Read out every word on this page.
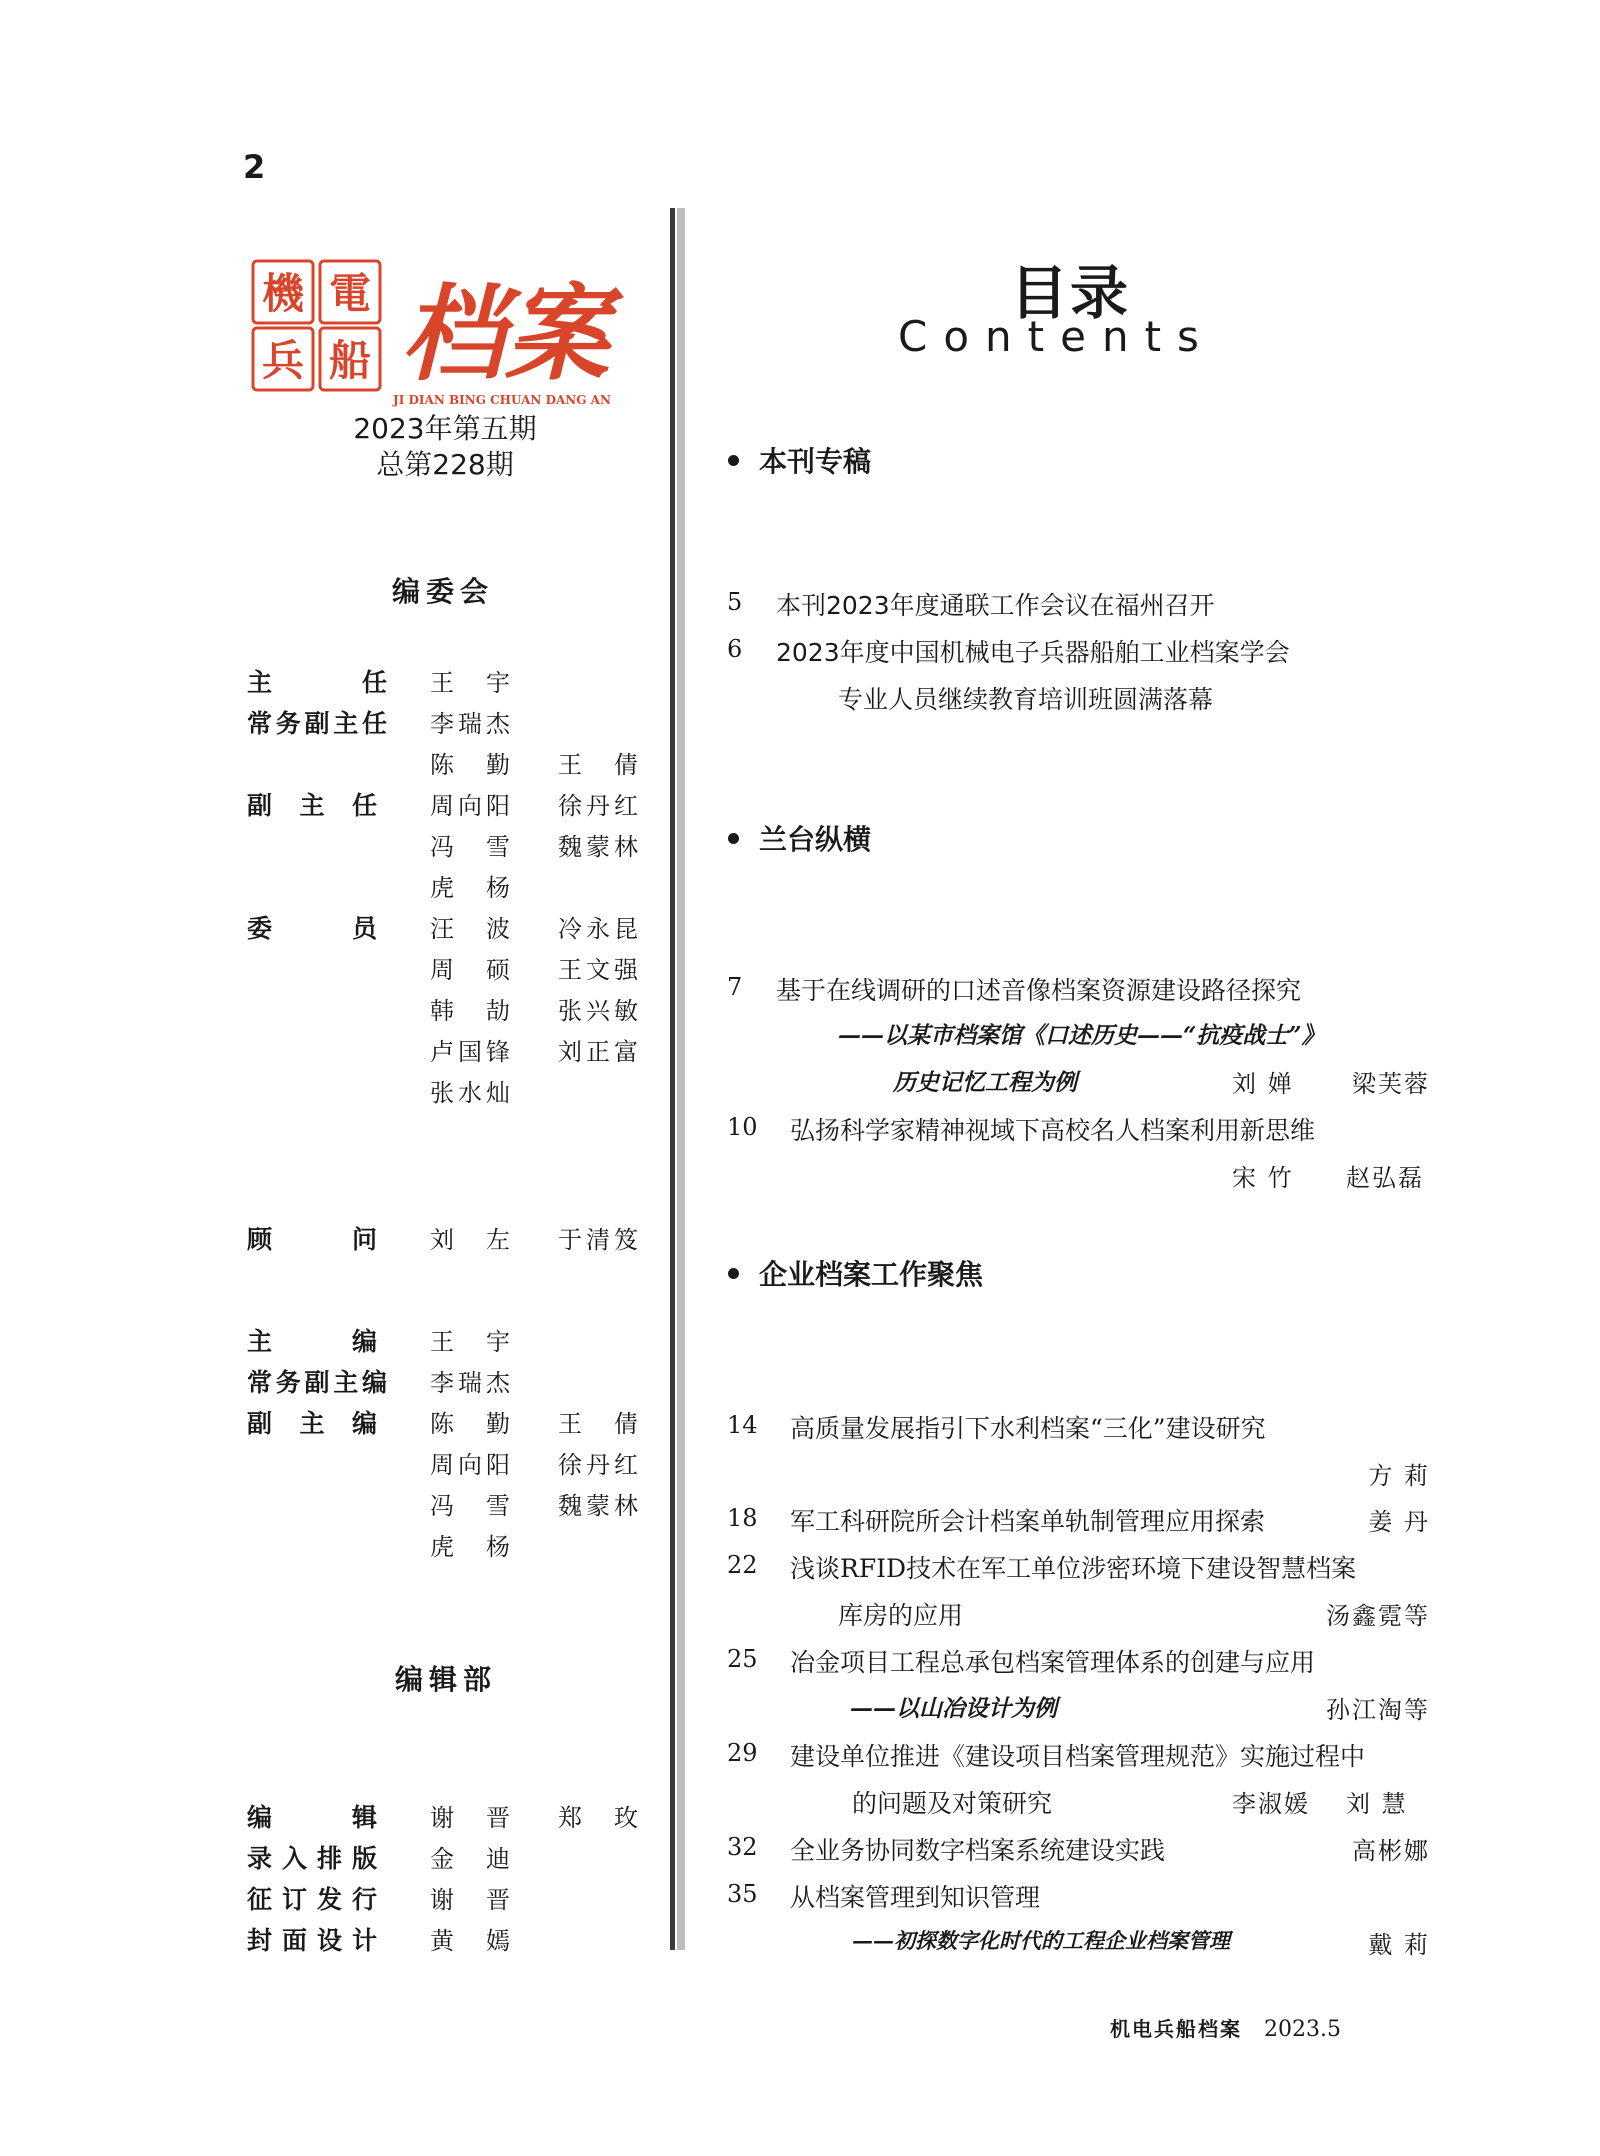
2
機 電
兵 船 档案
JI DIAN BING CHUAN DANG AN
2023年第五期
总第228期
编委会
主任 王宇
常务副主任 李瑞杰
陈勤 王倩
副主任 周向阳 徐丹红
冯雪 魏蒙林
虎杨
委员 汪波 冷永昆
周硕 王文强
韩劼 张兴敏
卢国锋 刘正富
张水灿
顾问 刘左 于清笈
主编 王宇
常务副主编 李瑞杰
副主编 陈勤 王倩
周向阳 徐丹红
冯雪 魏蒙林
虎杨
编辑部
编辑 谢晋 郑玫
录入排版 金迪
征订发行 谢晋
封面设计 黄嫣
目录
Contents
本刊专稿
5 本刊2023年度通联工作会议在福州召开
6 2023年度中国机械电子兵器船舶工业档案学会
专业人员继续教育培训班圆满落幕
兰台纵横
7 基于在线调研的口述音像档案资源建设路径探究
——以某市档案馆《口述历史——“抗疫战士”》
历史记忆工程为例	刘 婵 梁芙蓉
10 弘扬科学家精神视域下高校名人档案利用新思维
宋 竹 赵弘磊
企业档案工作聚焦
14 高质量发展指引下水利档案“三化”建设研究
方 莉
18 军工科研院所会计档案单轨制管理应用探索	姜 丹
22 浅谈RFID技术在军工单位涉密环境下建设智慧档案
库房的应用	汤鑫霓等
25 冶金项目工程总承包档案管理体系的创建与应用
——以山冶设计为例	孙江淘等
29 建设单位推进《建设项目档案管理规范》实施过程中
的问题及对策研究	李淑媛 刘 慧
32 全业务协同数字档案系统建设实践	高彬娜
35 从档案管理到知识管理
——初探数字化时代的工程企业档案管理	戴 莉
机电兵船档案 2023.5
